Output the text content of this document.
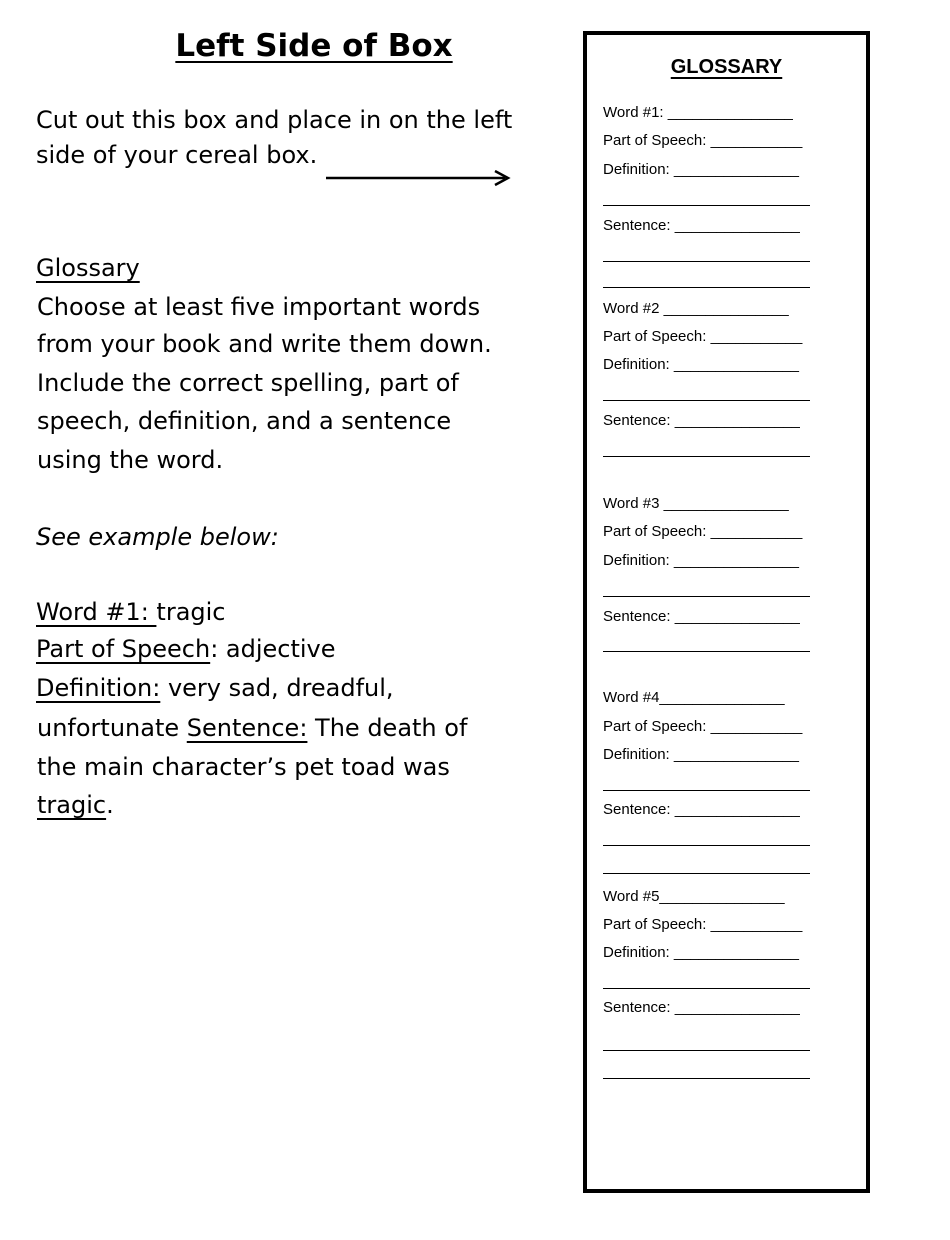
Left Side of Box
Cut out this box and place in on the left
side of your cereal box.
Glossary
Choose at least five important words
from your book and write them down.
Include the correct spelling, part of
speech, definition, and a sentence
using the word.
See example below:
Word #1: tragic
Part of Speech: adjective
Definition: very sad, dreadful,
unfortunate Sentence: The death of
the main character’s pet toad was
tragic.
GLOSSARY
Word #1: _______________
Part of Speech: ___________
Definition: _______________
Sentence: _______________
Word #2 _______________
Part of Speech: ___________
Definition: _______________
Sentence: _______________
Word #3 _______________
Part of Speech: ___________
Definition: _______________
Sentence: _______________
Word #4_______________
Part of Speech: ___________
Definition: _______________
Sentence: _______________
Word #5_______________
Part of Speech: ___________
Definition: _______________
Sentence: _______________
